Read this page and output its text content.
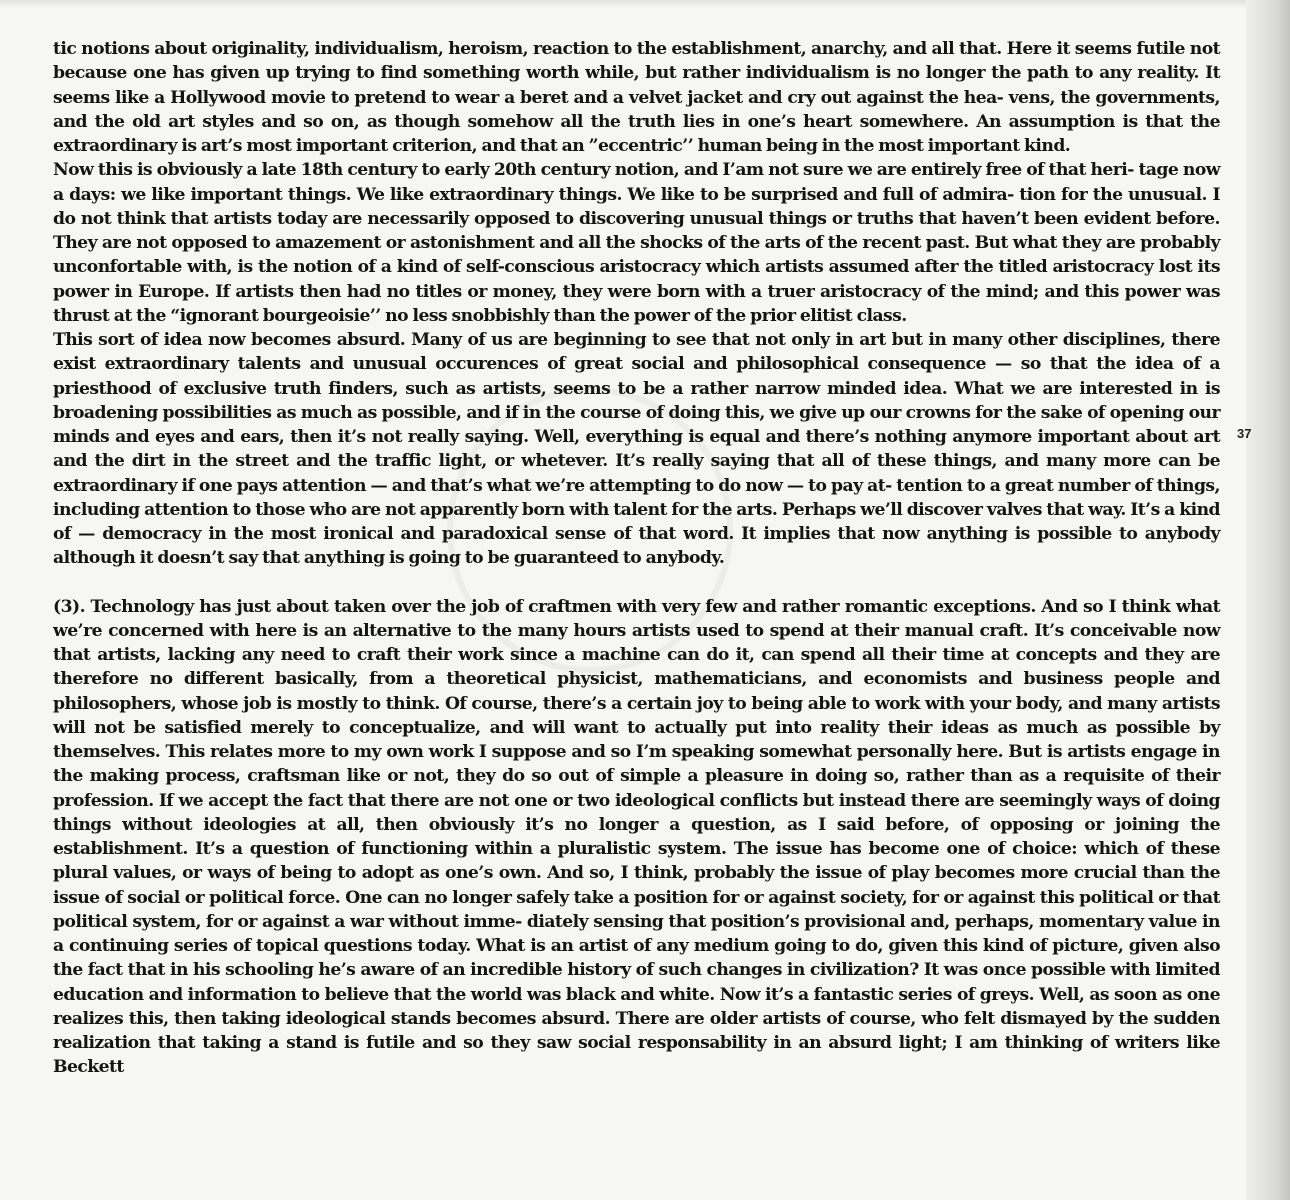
tic notions about originality, individualism, heroism, reaction to the establishment, anarchy, and all that. Here it seems futile not because one has given up trying to find something worth while, but rather individualism is no longer the path to any reality. It seems like a Hollywood movie to pretend to wear a beret and a velvet jacket and cry out against the hea- vens, the governments, and the old art styles and so on, as though somehow all the truth lies in one’s heart somewhere. An assumption is that the extraordinary is art’s most important criterion, and that an ”eccentric’’ human being in the most important kind.

Now this is obviously a late 18th century to early 20th century notion, and I’am not sure we are entirely free of that heri- tage now a days: we like important things. We like extraordinary things. We like to be surprised and full of admira- tion for the unusual. I do not think that artists today are necessarily opposed to discovering unusual things or truths that haven’t been evident before. They are not opposed to amazement or astonishment and all the shocks of the arts of the recent past. But what they are probably unconfortable with, is the notion of a kind of self-conscious aristocracy which artists assumed after the titled aristocracy lost its power in Europe. If artists then had no titles or money, they were born with a truer aristocracy of the mind; and this power was thrust at the “ignorant bourgeoisie’’ no less snobbishly than the power of the prior elitist class.

This sort of idea now becomes absurd. Many of us are beginning to see that not only in art but in many other disciplines, there exist extraordinary talents and unusual occurences of great social and philosophical consequence — so that the idea of a priesthood of exclusive truth finders, such as artists, seems to be a rather narrow minded idea. What we are interested in is broadening possibilities as much as possible, and if in the course of doing this, we give up our crowns for the sake of opening our minds and eyes and ears, then it’s not really saying. Well, everything is equal and there’s nothing anymore important about art and the dirt in the street and the traffic light, or whetever. It’s really saying that all of these things, and many more can be extraordinary if one pays attention — and that’s what we’re attempting to do now — to pay at- tention to a great number of things, including attention to those who are not apparently born with talent for the arts. Perhaps we’ll discover valves that way. It’s a kind of — democracy in the most ironical and paradoxical sense of that word. It implies that now anything is possible to anybody although it doesn’t say that anything is going to be guaranteed to anybody.

(3). Technology has just about taken over the job of craftmen with very few and rather romantic exceptions. And so I think what we’re concerned with here is an alternative to the many hours artists used to spend at their manual craft. It’s conceivable now that artists, lacking any need to craft their work since a machine can do it, can spend all their time at concepts and they are therefore no different basically, from a theoretical physicist, mathematicians, and economists and business people and philosophers, whose job is mostly to think. Of course, there’s a certain joy to being able to work with your body, and many artists will not be satisfied merely to conceptualize, and will want to actually put into reality their ideas as much as possible by themselves. This relates more to my own work I suppose and so I’m speaking somewhat personally here. But is artists engage in the making process, craftsman like or not, they do so out of simple a pleasure in doing so, rather than as a requisite of their profession. If we accept the fact that there are not one or two ideological conflicts but instead there are seemingly ways of doing things without ideologies at all, then obviously it’s no longer a question, as I said before, of opposing or joining the establishment. It’s a question of functioning within a pluralistic system. The issue has become one of choice: which of these plural values, or ways of being to adopt as one’s own. And so, I think, probably the issue of play becomes more crucial than the issue of social or political force. One can no longer safely take a position for or against society, for or against this political or that political system, for or against a war without imme- diately sensing that position’s provisional and, perhaps, momentary value in a continuing series of topical questions today. What is an artist of any medium going to do, given this kind of picture, given also the fact that in his schooling he’s aware of an incredible history of such changes in civilization? It was once possible with limited education and information to believe that the world was black and white. Now it’s a fantastic series of greys. Well, as soon as one realizes this, then taking ideological stands becomes absurd. There are older artists of course, who felt dismayed by the sudden realization that taking a stand is futile and so they saw social responsability in an absurd light; I am thinking of writers like Beckett

37
